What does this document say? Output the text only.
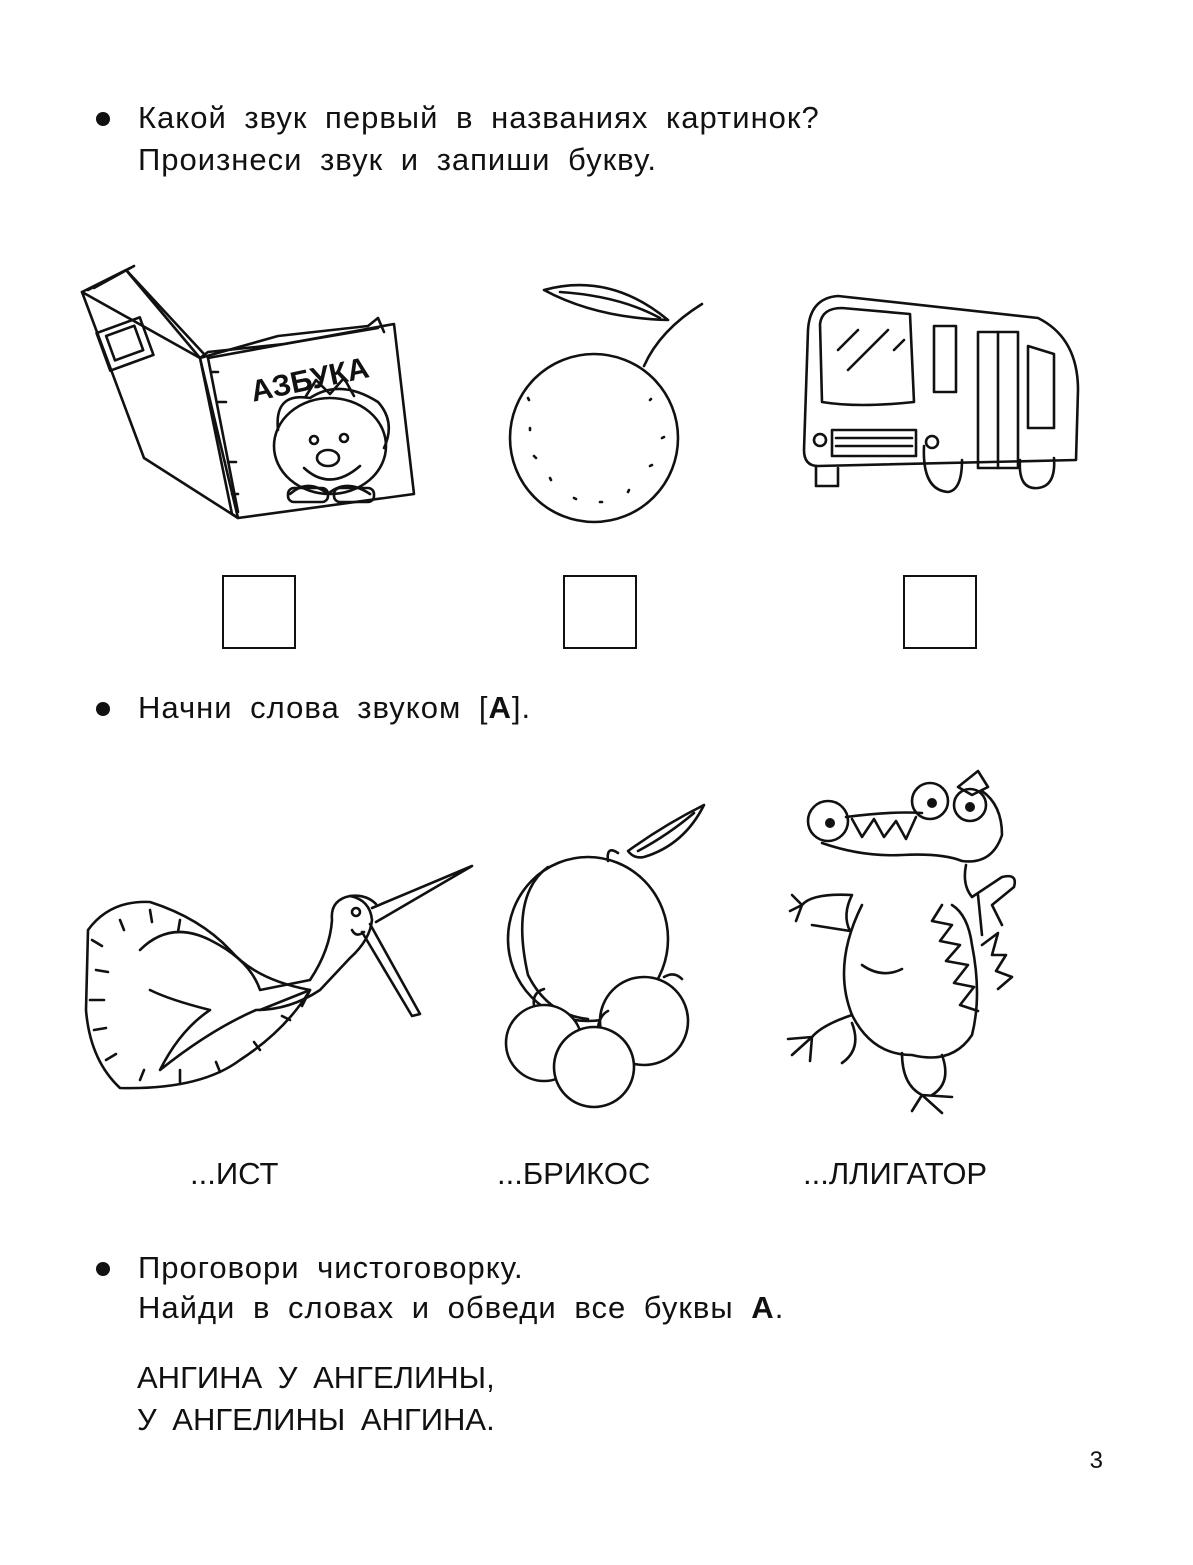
Какой звук первый в названиях картинок?
Произнеси звук и запиши букву.
АЗБУКА
Начни слова звуком [А].
...ИСТ	...БРИКОС	...ЛЛИГАТОР
Проговори чистоговорку.
Найди в словах и обведи все буквы А.
АНГИНА У АНГЕЛИНЫ,
У АНГЕЛИНЫ АНГИНА.
3
